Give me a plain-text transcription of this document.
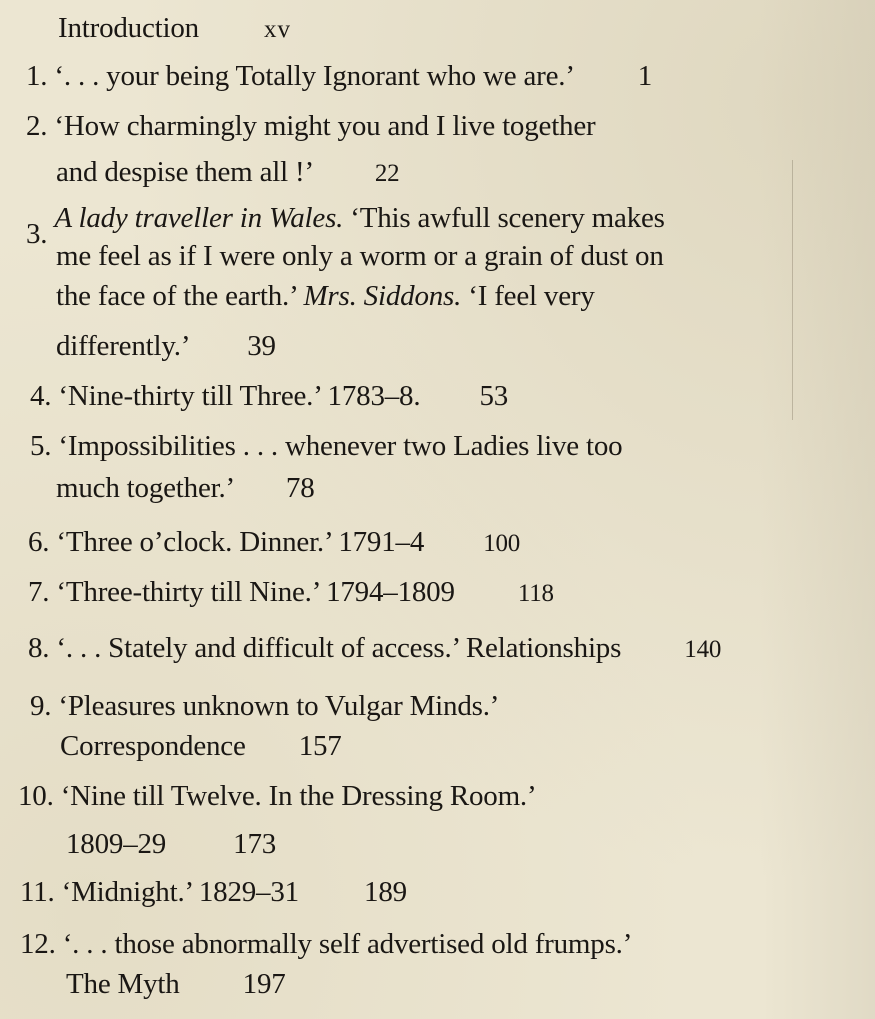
Introduction	xv
1. ‘. . . your being Totally Ignorant who we are.’ 1
2. ‘How charmingly might you and I live together
and despise them all !’	22
3. A lady traveller in Wales. ‘This awfull scenery makes
me feel as if I were only a worm or a grain of dust on
the face of the earth.’ Mrs. Siddons. ‘I feel very
differently.’ 39
4. ‘Nine-thirty till Three.’ 1783–8. 53
5. ‘Impossibilities . . . whenever two Ladies live too
much together.’ 78
6. ‘Three o’clock. Dinner.’ 1791–4 100
7. ‘Three-thirty till Nine.’ 1794–1809	118
8. ‘. . . Stately and difficult of access.’ Relationships	140
9. ‘Pleasures unknown to Vulgar Minds.’
Correspondence 157
10. ‘Nine till Twelve. In the Dressing Room.’
1809–29 173
11. ‘Midnight.’ 1829–31 189
12. ‘. . . those abnormally self advertised old frumps.’
The Myth 197
